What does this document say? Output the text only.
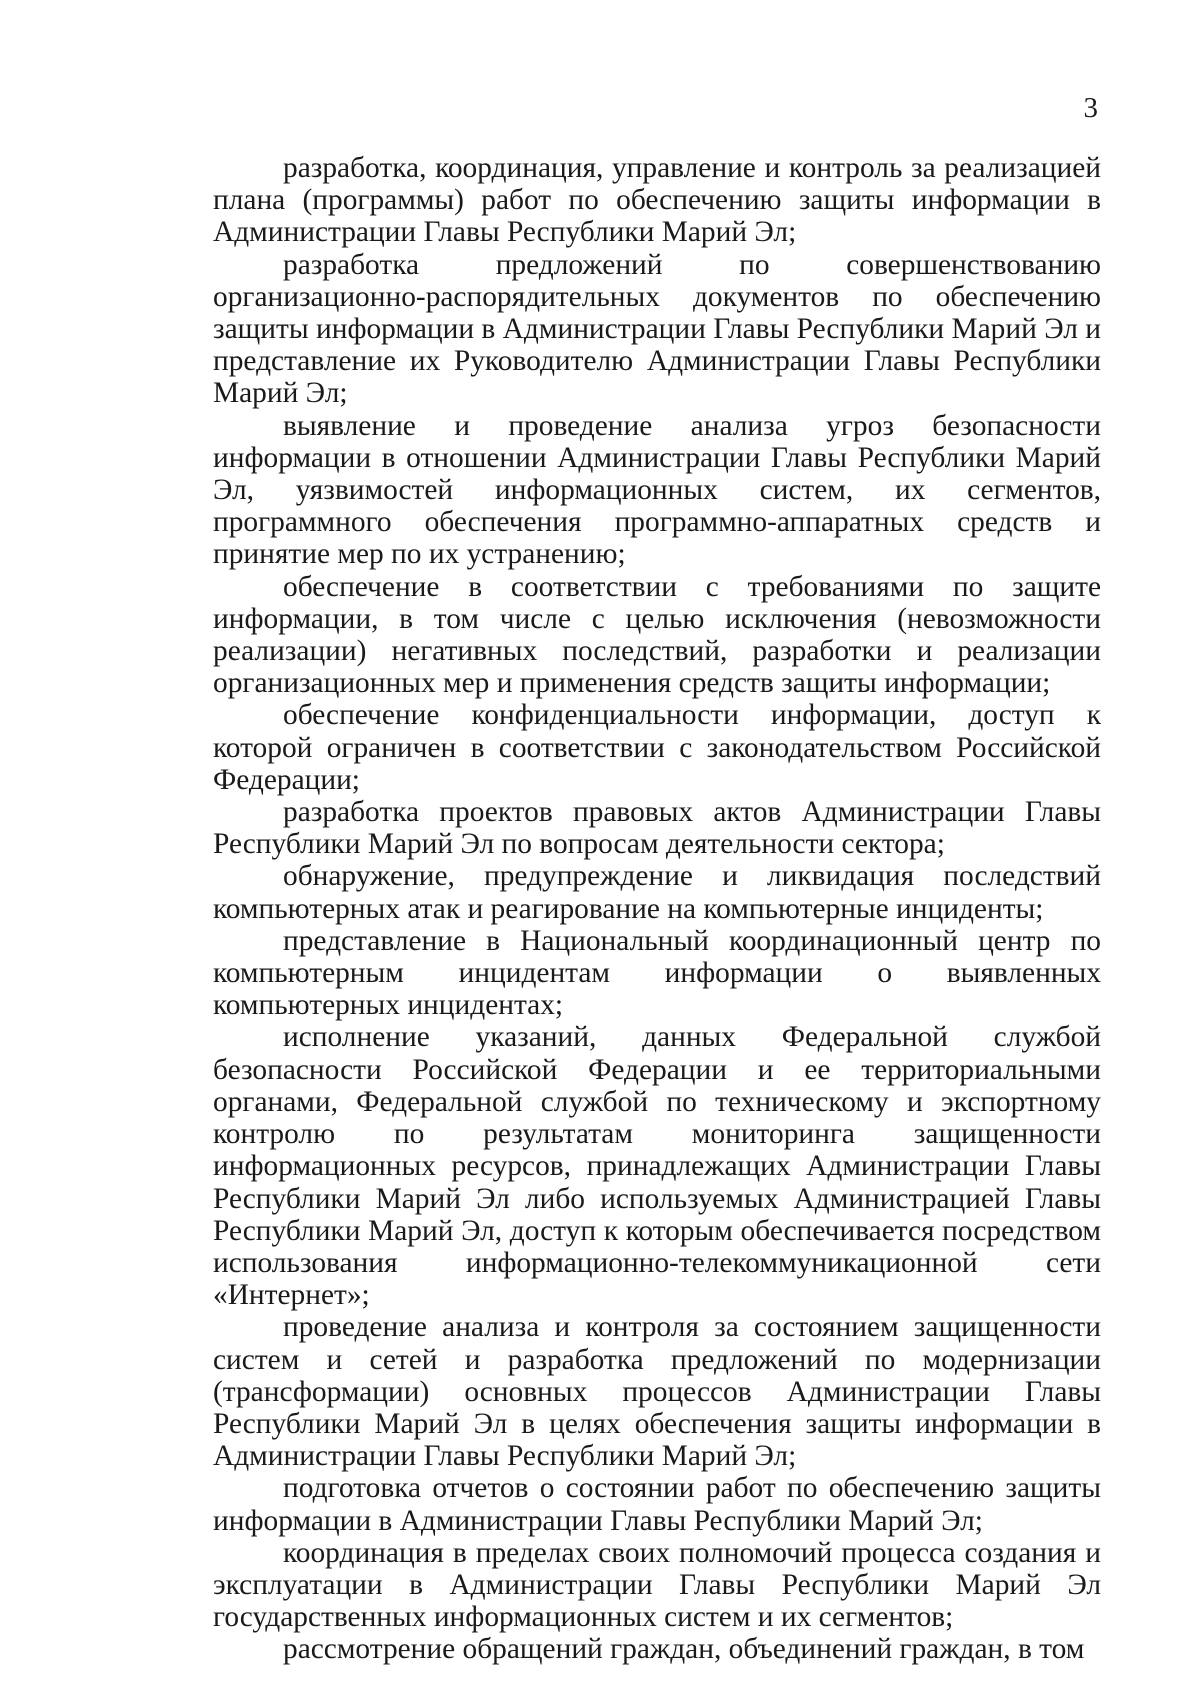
3

разработка, координация, управление и контроль за реализацией плана (программы) работ по обеспечению защиты информации в Администрации Главы Республики Марий Эл;

разработка предложений по совершенствованию организационно-распорядительных документов по обеспечению защиты информации в Администрации Главы Республики Марий Эл и представление их Руководителю Администрации Главы Республики Марий Эл;

выявление и проведение анализа угроз безопасности информации в отношении Администрации Главы Республики Марий Эл, уязвимостей информационных систем, их сегментов, программного обеспечения программно-аппаратных средств и принятие мер по их устранению;

обеспечение в соответствии с требованиями по защите информации, в том числе с целью исключения (невозможности реализации) негативных последствий, разработки и реализации организационных мер и применения средств защиты информации;

обеспечение конфиденциальности информации, доступ к которой ограничен в соответствии с законодательством Российской Федерации;

разработка проектов правовых актов Администрации Главы Республики Марий Эл по вопросам деятельности сектора;

обнаружение, предупреждение и ликвидация последствий компьютерных атак и реагирование на компьютерные инциденты;

представление в Национальный координационный центр по компьютерным инцидентам информации о выявленных компьютерных инцидентах;

исполнение указаний, данных Федеральной службой безопасности Российской Федерации и ее территориальными органами, Федеральной службой по техническому и экспортному контролю по результатам мониторинга защищенности информационных ресурсов, принадлежащих Администрации Главы Республики Марий Эл либо используемых Администрацией Главы Республики Марий Эл, доступ к которым обеспечивается посредством использования информационно-телекоммуникационной сети «Интернет»;

проведение анализа и контроля за состоянием защищенности систем и сетей и разработка предложений по модернизации (трансформации) основных процессов Администрации Главы Республики Марий Эл в целях обеспечения защиты информации в Администрации Главы Республики Марий Эл;

подготовка отчетов о состоянии работ по обеспечению защиты информации в Администрации Главы Республики Марий Эл;

координация в пределах своих полномочий процесса создания и эксплуатации в Администрации Главы Республики Марий Эл государственных информационных систем и их сегментов;

рассмотрение обращений граждан, объединений граждан, в том
